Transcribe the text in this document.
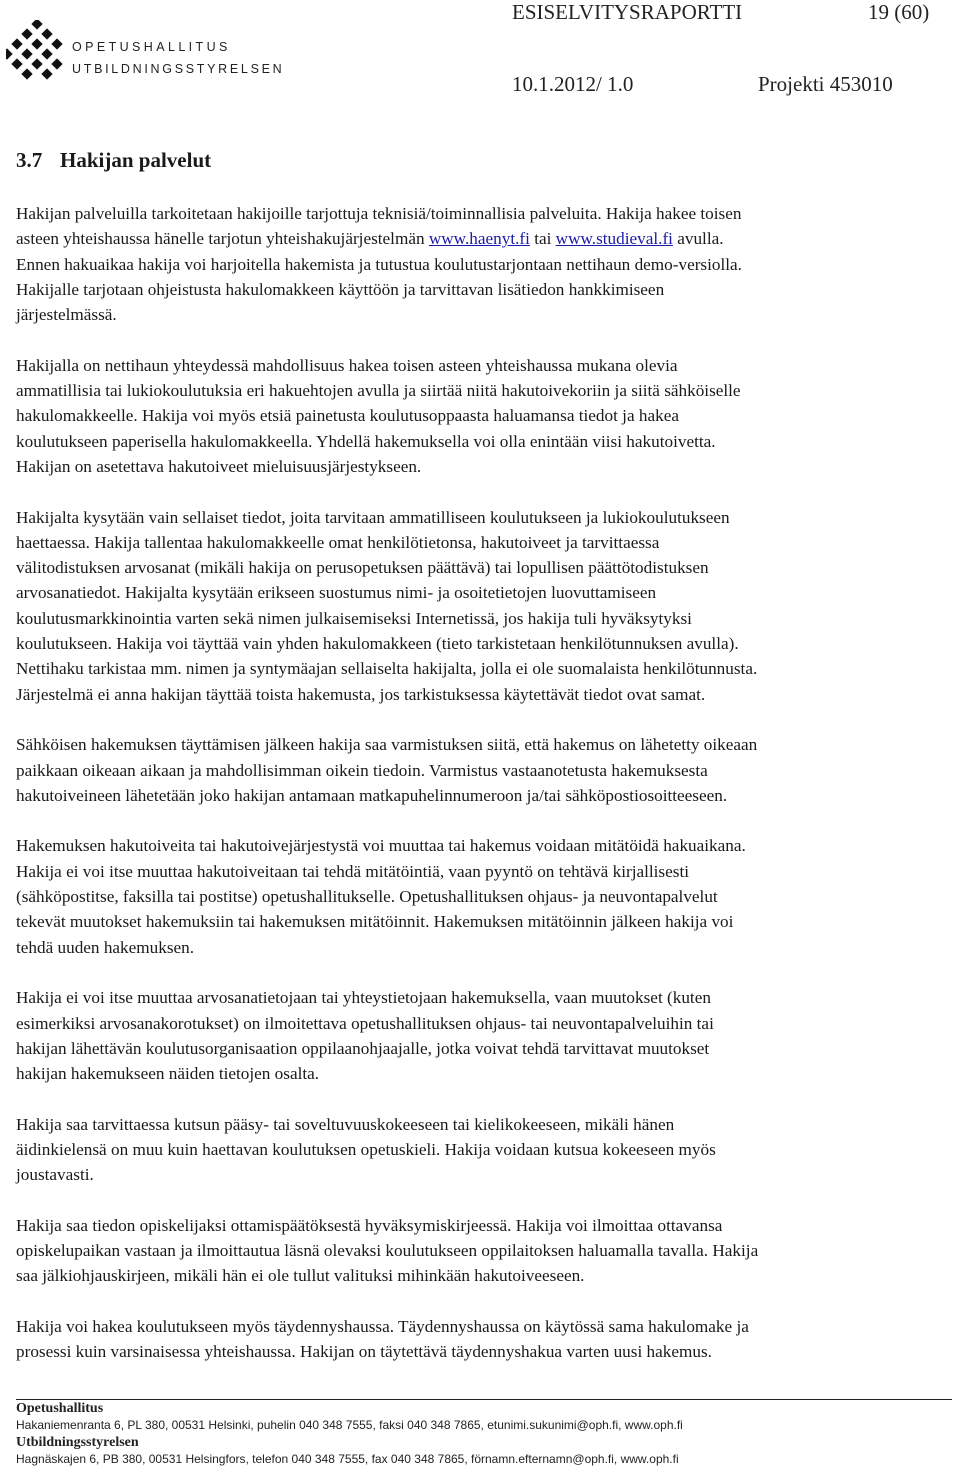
OPETUSHALLITUS
UTBILDNINGSSTYRELSEN
ESISELVITYSRAPORTTI	19 (60)
10.1.2012/ 1.0	Projekti 453010
3.7 Hakijan palvelut

Hakijan palveluilla tarkoitetaan hakijoille tarjottuja teknisiä/toiminnallisia palveluita. Hakija hakee toisen
asteen yhteishaussa hänelle tarjotun yhteishakujärjestelmän www.haenyt.fi tai www.studieval.fi avulla.
Ennen hakuaikaa hakija voi harjoitella hakemista ja tutustua koulutustarjontaan nettihaun demo-versiolla.
Hakijalle tarjotaan ohjeistusta hakulomakkeen käyttöön ja tarvittavan lisätiedon hankkimiseen
järjestelmässä.

Hakijalla on nettihaun yhteydessä mahdollisuus hakea toisen asteen yhteishaussa mukana olevia
ammatillisia tai lukiokoulutuksia eri hakuehtojen avulla ja siirtää niitä hakutoivekoriin ja siitä sähköiselle
hakulomakkeelle. Hakija voi myös etsiä painetusta koulutusoppaasta haluamansa tiedot ja hakea
koulutukseen paperisella hakulomakkeella. Yhdellä hakemuksella voi olla enintään viisi hakutoivetta.
Hakijan on asetettava hakutoiveet mieluisuusjärjestykseen.

Hakijalta kysytään vain sellaiset tiedot, joita tarvitaan ammatilliseen koulutukseen ja lukiokoulutukseen
haettaessa. Hakija tallentaa hakulomakkeelle omat henkilötietonsa, hakutoiveet ja tarvittaessa
välitodistuksen arvosanat (mikäli hakija on perusopetuksen päättävä) tai lopullisen päättötodistuksen
arvosanatiedot. Hakijalta kysytään erikseen suostumus nimi- ja osoitetietojen luovuttamiseen
koulutusmarkkinointia varten sekä nimen julkaisemiseksi Internetissä, jos hakija tuli hyväksytyksi
koulutukseen. Hakija voi täyttää vain yhden hakulomakkeen (tieto tarkistetaan henkilötunnuksen avulla).
Nettihaku tarkistaa mm. nimen ja syntymäajan sellaiselta hakijalta, jolla ei ole suomalaista henkilötunnusta.
Järjestelmä ei anna hakijan täyttää toista hakemusta, jos tarkistuksessa käytettävät tiedot ovat samat.

Sähköisen hakemuksen täyttämisen jälkeen hakija saa varmistuksen siitä, että hakemus on lähetetty oikeaan
paikkaan oikeaan aikaan ja mahdollisimman oikein tiedoin. Varmistus vastaanotetusta hakemuksesta
hakutoiveineen lähetetään joko hakijan antamaan matkapuhelinnumeroon ja/tai sähköpostiosoitteeseen.

Hakemuksen hakutoiveita tai hakutoivejärjestystä voi muuttaa tai hakemus voidaan mitätöidä hakuaikana.
Hakija ei voi itse muuttaa hakutoiveitaan tai tehdä mitätöintiä, vaan pyyntö on tehtävä kirjallisesti
(sähköpostitse, faksilla tai postitse) opetushallitukselle. Opetushallituksen ohjaus- ja neuvontapalvelut
tekevät muutokset hakemuksiin tai hakemuksen mitätöinnit. Hakemuksen mitätöinnin jälkeen hakija voi
tehdä uuden hakemuksen.

Hakija ei voi itse muuttaa arvosanatietojaan tai yhteystietojaan hakemuksella, vaan muutokset (kuten
esimerkiksi arvosanakorotukset) on ilmoitettava opetushallituksen ohjaus- tai neuvontapalveluihin tai
hakijan lähettävän koulutusorganisaation oppilaanohjaajalle, jotka voivat tehdä tarvittavat muutokset
hakijan hakemukseen näiden tietojen osalta.

Hakija saa tarvittaessa kutsun pääsy- tai soveltuvuuskokeeseen tai kielikokeeseen, mikäli hänen
äidinkielensä on muu kuin haettavan koulutuksen opetuskieli. Hakija voidaan kutsua kokeeseen myös
joustavasti.

Hakija saa tiedon opiskelijaksi ottamispäätöksestä hyväksymiskirjeessä. Hakija voi ilmoittaa ottavansa
opiskelupaikan vastaan ja ilmoittautua läsnä olevaksi koulutukseen oppilaitoksen haluamalla tavalla. Hakija
saa jälkiohjauskirjeen, mikäli hän ei ole tullut valituksi mihinkään hakutoiveeseen.

Hakija voi hakea koulutukseen myös täydennyshaussa. Täydennyshaussa on käytössä sama hakulomake ja
prosessi kuin varsinaisessa yhteishaussa. Hakijan on täytettävä täydennyshakua varten uusi hakemus.

Opetushallitus
Hakaniemenranta 6, PL 380, 00531 Helsinki, puhelin 040 348 7555, faksi 040 348 7865, etunimi.sukunimi@oph.fi, www.oph.fi
Utbildningsstyrelsen
Hagnäskajen 6, PB 380, 00531 Helsingfors, telefon 040 348 7555, fax 040 348 7865, förnamn.efternamn@oph.fi, www.oph.fi
